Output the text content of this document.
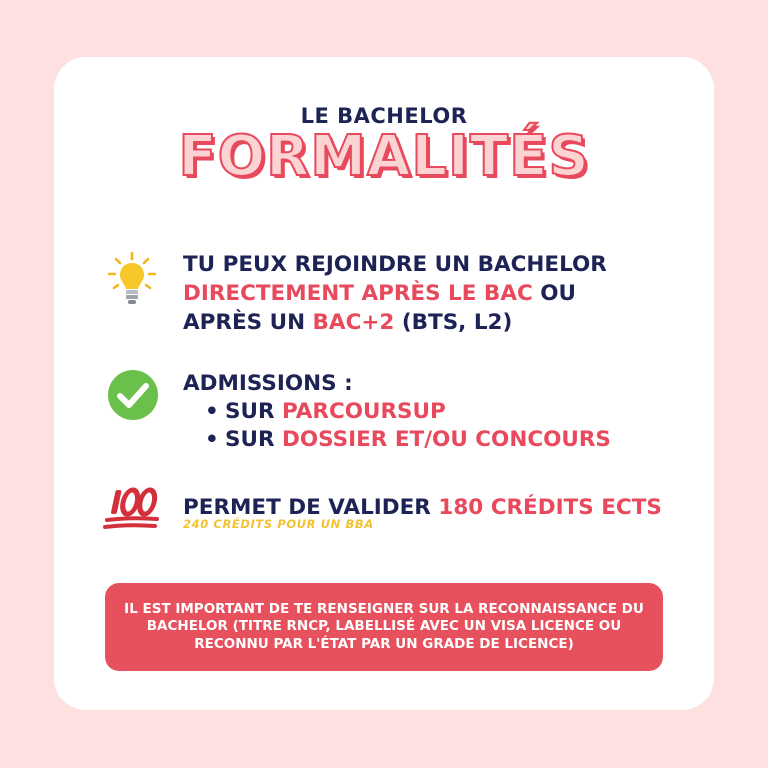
LE BACHELOR
FORMALITÉS
TU PEUX REJOINDRE UN BACHELOR
DIRECTEMENT APRÈS LE BAC OU
APRÈS UN BAC+2 (BTS, L2)
ADMISSIONS :
• SUR PARCOURSUP
• SUR DOSSIER ET/OU CONCOURS
PERMET DE VALIDER 180 CRÉDITS ECTS
240 CRÉDITS POUR UN BBA
IL EST IMPORTANT DE TE RENSEIGNER SUR LA RECONNAISSANCE DU BACHELOR (TITRE RNCP, LABELLISÉ AVEC UN VISA LICENCE OU RECONNU PAR L'ÉTAT PAR UN GRADE DE LICENCE)
